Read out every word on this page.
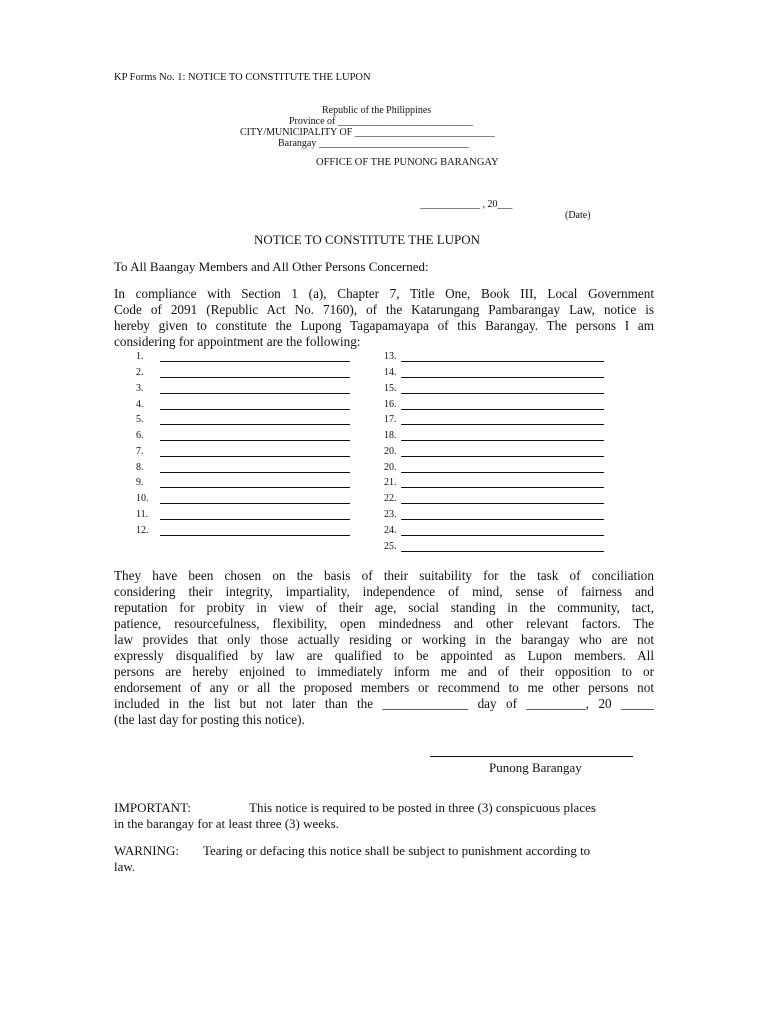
KP Forms No. 1: NOTICE TO CONSTITUTE THE LUPON
Republic of the Philippines
Province of ___________________________
CITY/MUNICIPALITY OF ____________________________
Barangay ______________________________
OFFICE OF THE PUNONG BARANGAY
____________ , 20___
(Date)
NOTICE TO CONSTITUTE THE LUPON
To All Baangay Members and All Other Persons Concerned:
In compliance with Section 1 (a), Chapter 7, Title One, Book III, Local Government
Code of 2091 (Republic Act No. 7160), of the Katarungang Pambarangay Law, notice is
hereby given to constitute the Lupong Tagapamayapa of this Barangay. The persons I am
considering for appointment are the following:
1.
2.
3.
4.
5.
6.
7.
8.
9.
10.
11.
12.
13.
14.
15.
16.
17.
18.
20.
20.
21.
22.
23.
24.
25.
They have been chosen on the basis of their suitability for the task of conciliation
considering their integrity, impartiality, independence of mind, sense of fairness and
reputation for probity in view of their age, social standing in the community, tact,
patience, resourcefulness, flexibility, open mindedness and other relevant factors. The
law provides that only those actually residing or working in the barangay who are not
expressly disqualified by law are qualified to be appointed as Lupon members. All
persons are hereby enjoined to immediately inform me and of their opposition to or
endorsement of any or all the proposed members or recommend to me other persons not
included in the list but not later than the _____________ day of _________, 20 _____
(the last day for posting this notice).
Punong Barangay
IMPORTANT:	This notice is required to be posted in three (3) conspicuous places
in the barangay for at least three (3) weeks.
WARNING: Tearing or defacing this notice shall be subject to punishment according to
law.
